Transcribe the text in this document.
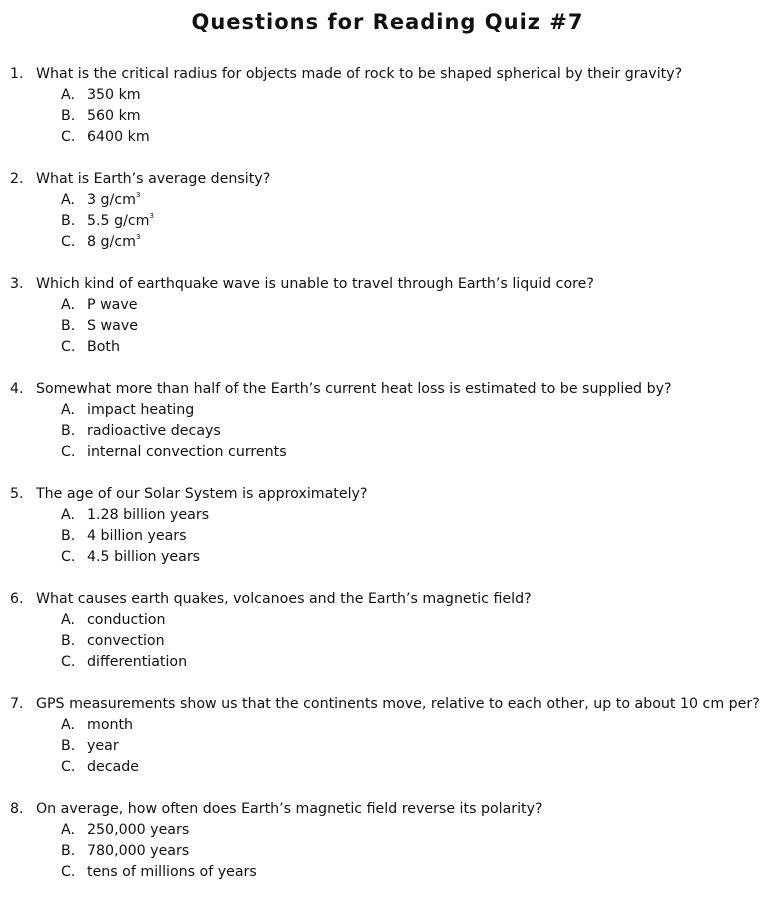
Questions for Reading Quiz #7
1. What is the critical radius for objects made of rock to be shaped spherical by their gravity?
A. 350 km
B. 560 km
C. 6400 km
2. What is Earth’s average density?
A. 3 $g/cm^3$
B. 5.5 $g/cm^3$
C. 8 $g/cm^3$
3. Which kind of earthquake wave is unable to travel through Earth’s liquid core?
A. P wave
B. S wave
C. Both
4. Somewhat more than half of the Earth’s current heat loss is estimated to be supplied by?
A. impact heating
B. radioactive decays
C. internal convection currents
5. The age of our Solar System is approximately?
A. 1.28 billion years
B. 4 billion years
C. 4.5 billion years
6. What causes earth quakes, volcanoes and the Earth’s magnetic field?
A. conduction
B. convection
C. differentiation
7. GPS measurements show us that the continents move, relative to each other, up to about 10 cm per?
A. month
B. year
C. decade
8. On average, how often does Earth’s magnetic field reverse its polarity?
A. 250,000 years
B. 780,000 years
C. tens of millions of years
